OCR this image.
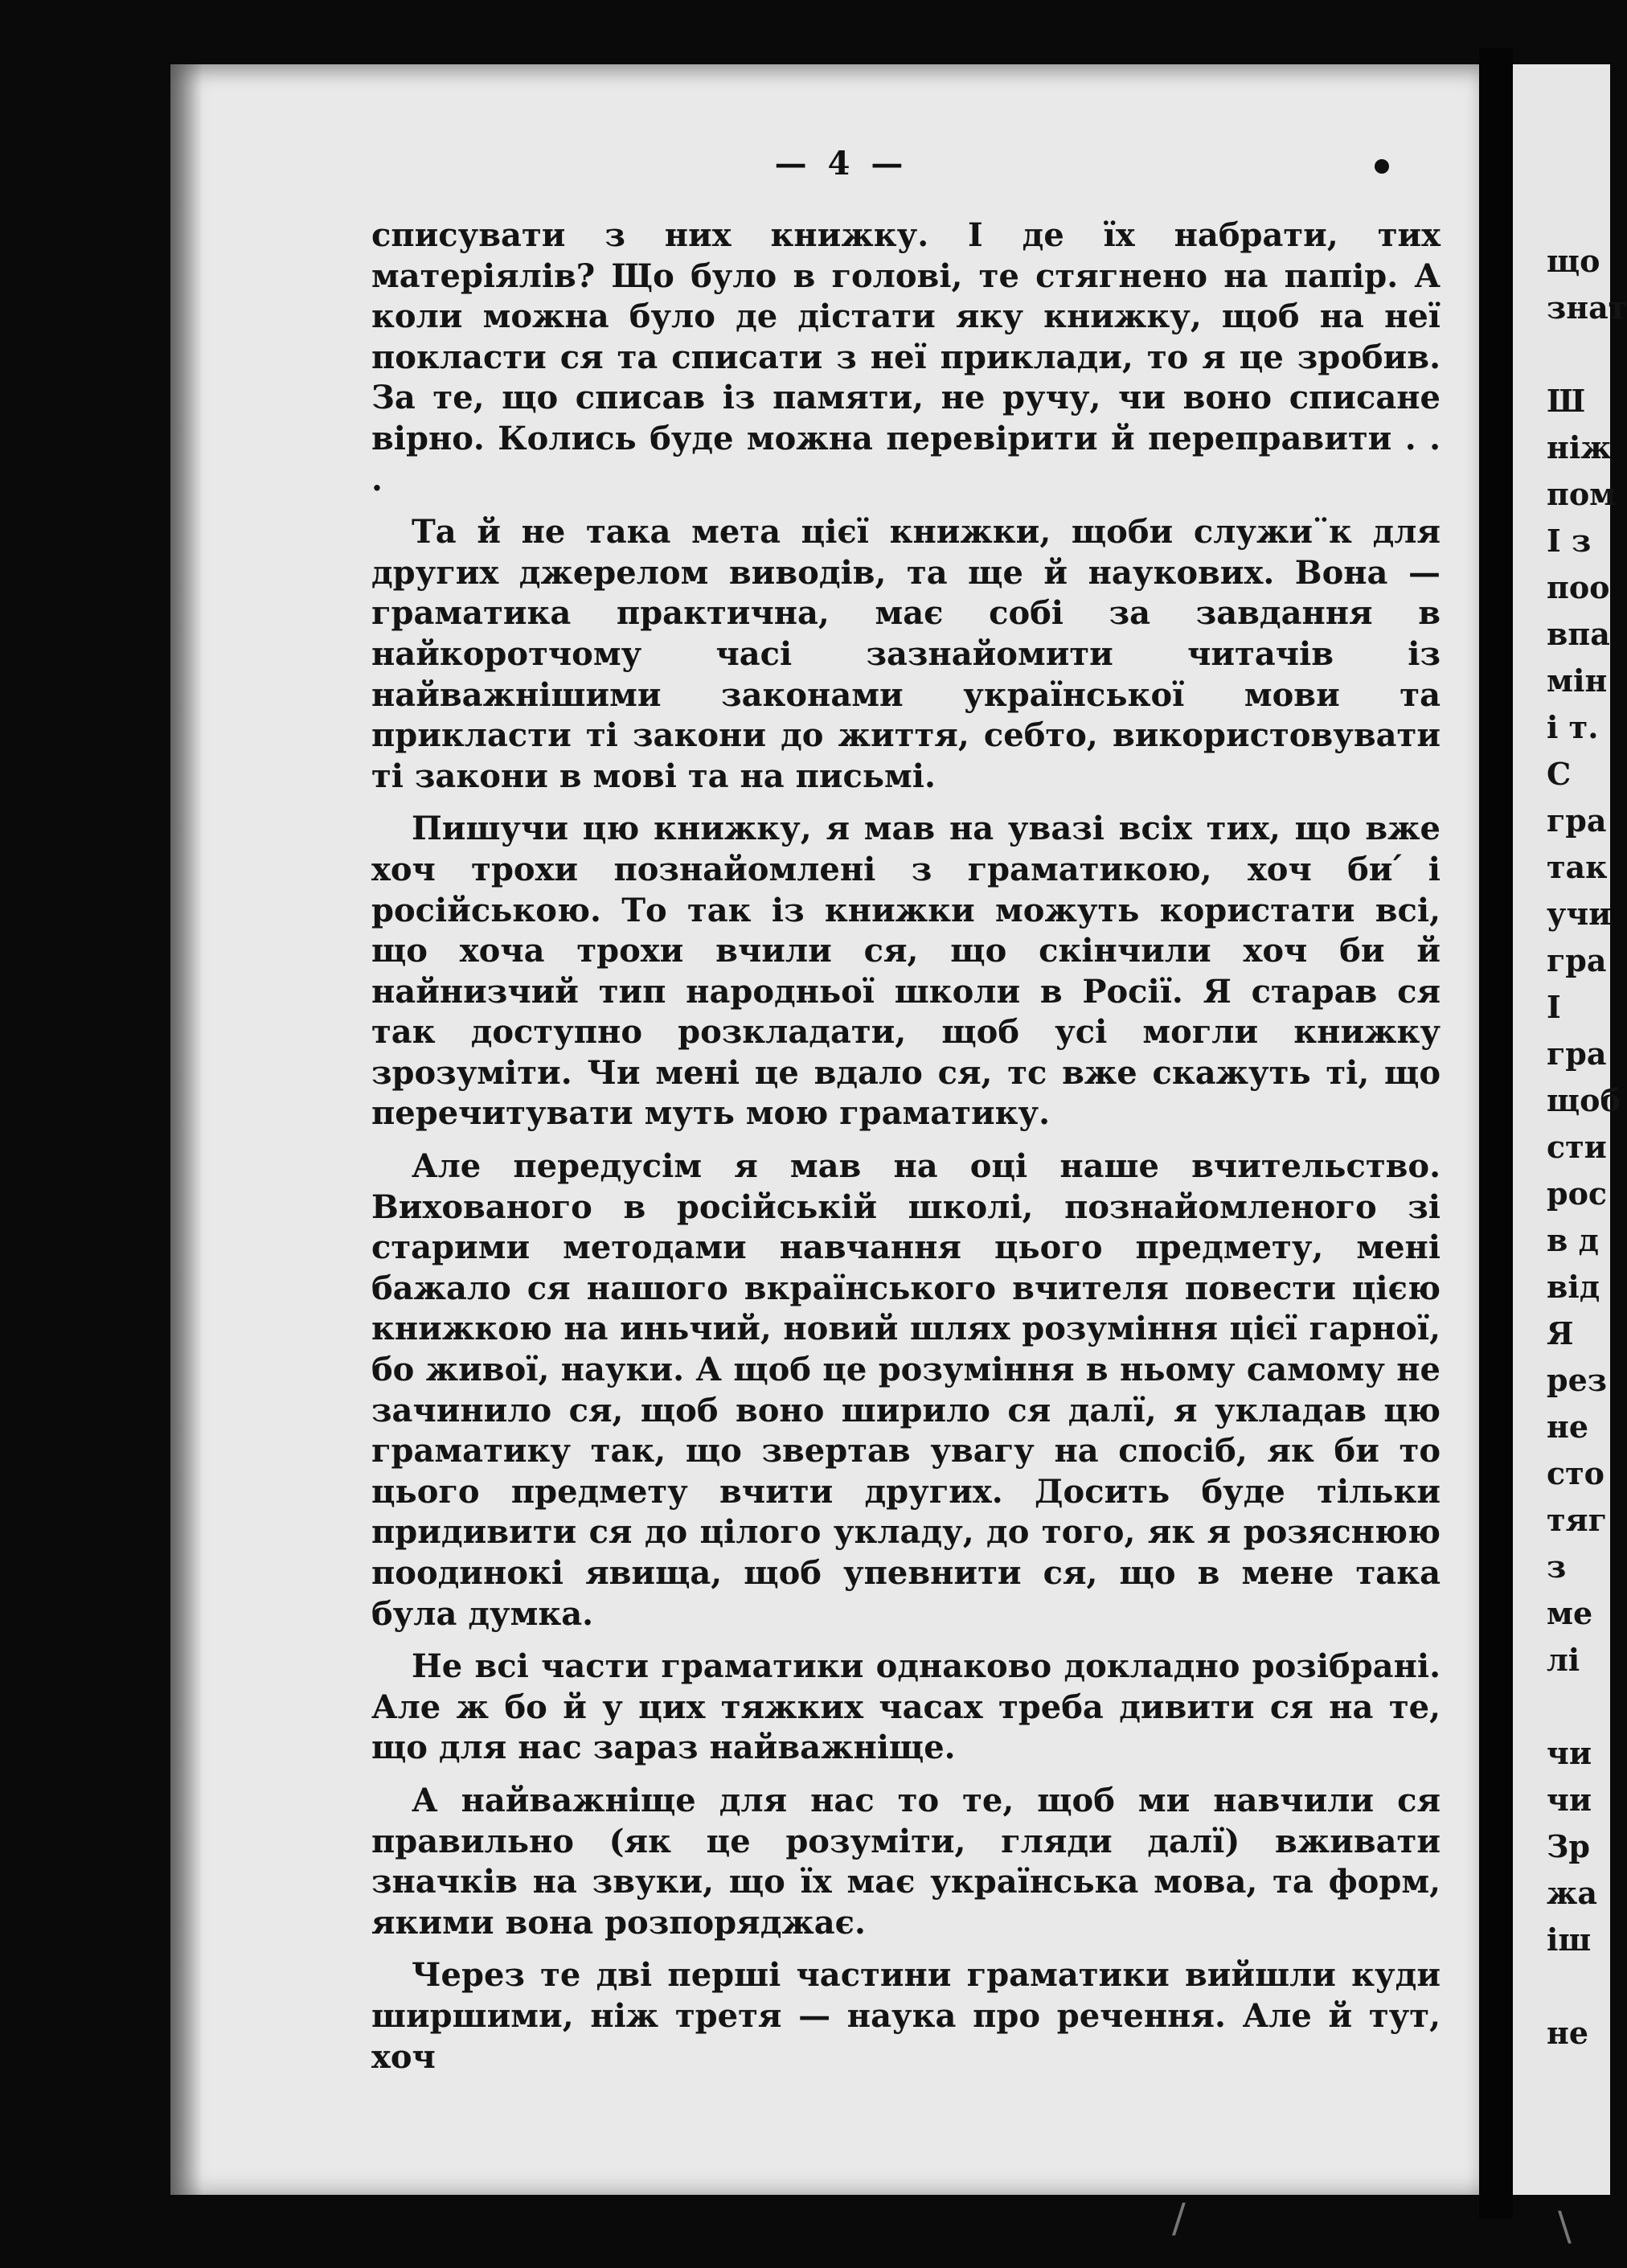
— 4 —

списувати з них книжку. І де їх набрати, тих матеріялів? Що було в голові, те стягнено на папір. А коли можна було де дістати яку книжку, щоб на неї покласти ся та списати з неї приклади, то я це зробив. За те, що списав із памяти, не ручу, чи воно списане вірно. Колись буде можна перевірити й переправити . . .

Та й не така мета цієї книжки, щоби служи¨к для других джерелом виводів, та ще й наукових. Вона — граматика практична, має собі за завдання в найкоротчому часі зазнайомити читачів із найважнішими законами української мови та прикласти ті закони до життя, себто, використовувати ті закони в мові та на письмі.

Пишучи цю книжку, я мав на увазі всіх тих, що вже хоч трохи познайомлені з граматикою, хоч би ́і російською. То так із книжки можуть користати всі, що хоча трохи вчили ся, що скінчили хоч би й найнизчий тип народньої школи в Росії. Я старав ся так доступно розкладати, щоб усі могли книжку зрозуміти. Чи мені це вдало ся, тс вже скажуть ті, що перечитувати муть мою граматику.

Але передусім я мав на оці наше вчительство. Вихованого в російській школі, познайомленого зі старими методами навчання цього предмету, мені бажало ся нашого вкраїнського вчителя повести цією книжкою на иньчий, новий шлях розуміння цієї гарної, бо живої, науки. А щоб це розуміння в ньому самому не зачинило ся, щоб воно ширило ся далї, я укладав цю граматику так, що звертав увагу на спосіб, як би то цього предмету вчити других. Досить буде тільки придивити ся до цілого укладу, до того, як я розяснюю поодинокі явища, щоб упевнити ся, що в мене така була думка.

Не всі части граматики однаково докладно розібрані. Але ж бо й у цих тяжких часах треба дивити ся на те, що для нас зараз найважніще.

А найважніще для нас то те, щоб ми навчили ся правильно (як це розуміти, гляди далї) вживати значків на звуки, що їх має українська мова, та форм, якими вона розпоряджає.

Через те дві перші частини граматики вийшли куди ширшими, ніж третя — наука про речення. Але й тут, хоч

що
знат
Ш
ніж
пом
І з
поо
впа
мін
і т.
С
гра
так
учи
гра
І
гра
щоб
сти
рос
в д
від
Я
рез
не
сто
тяг
з
ме
лі
чи
чи
Зр
жа
іш
не
/	\
